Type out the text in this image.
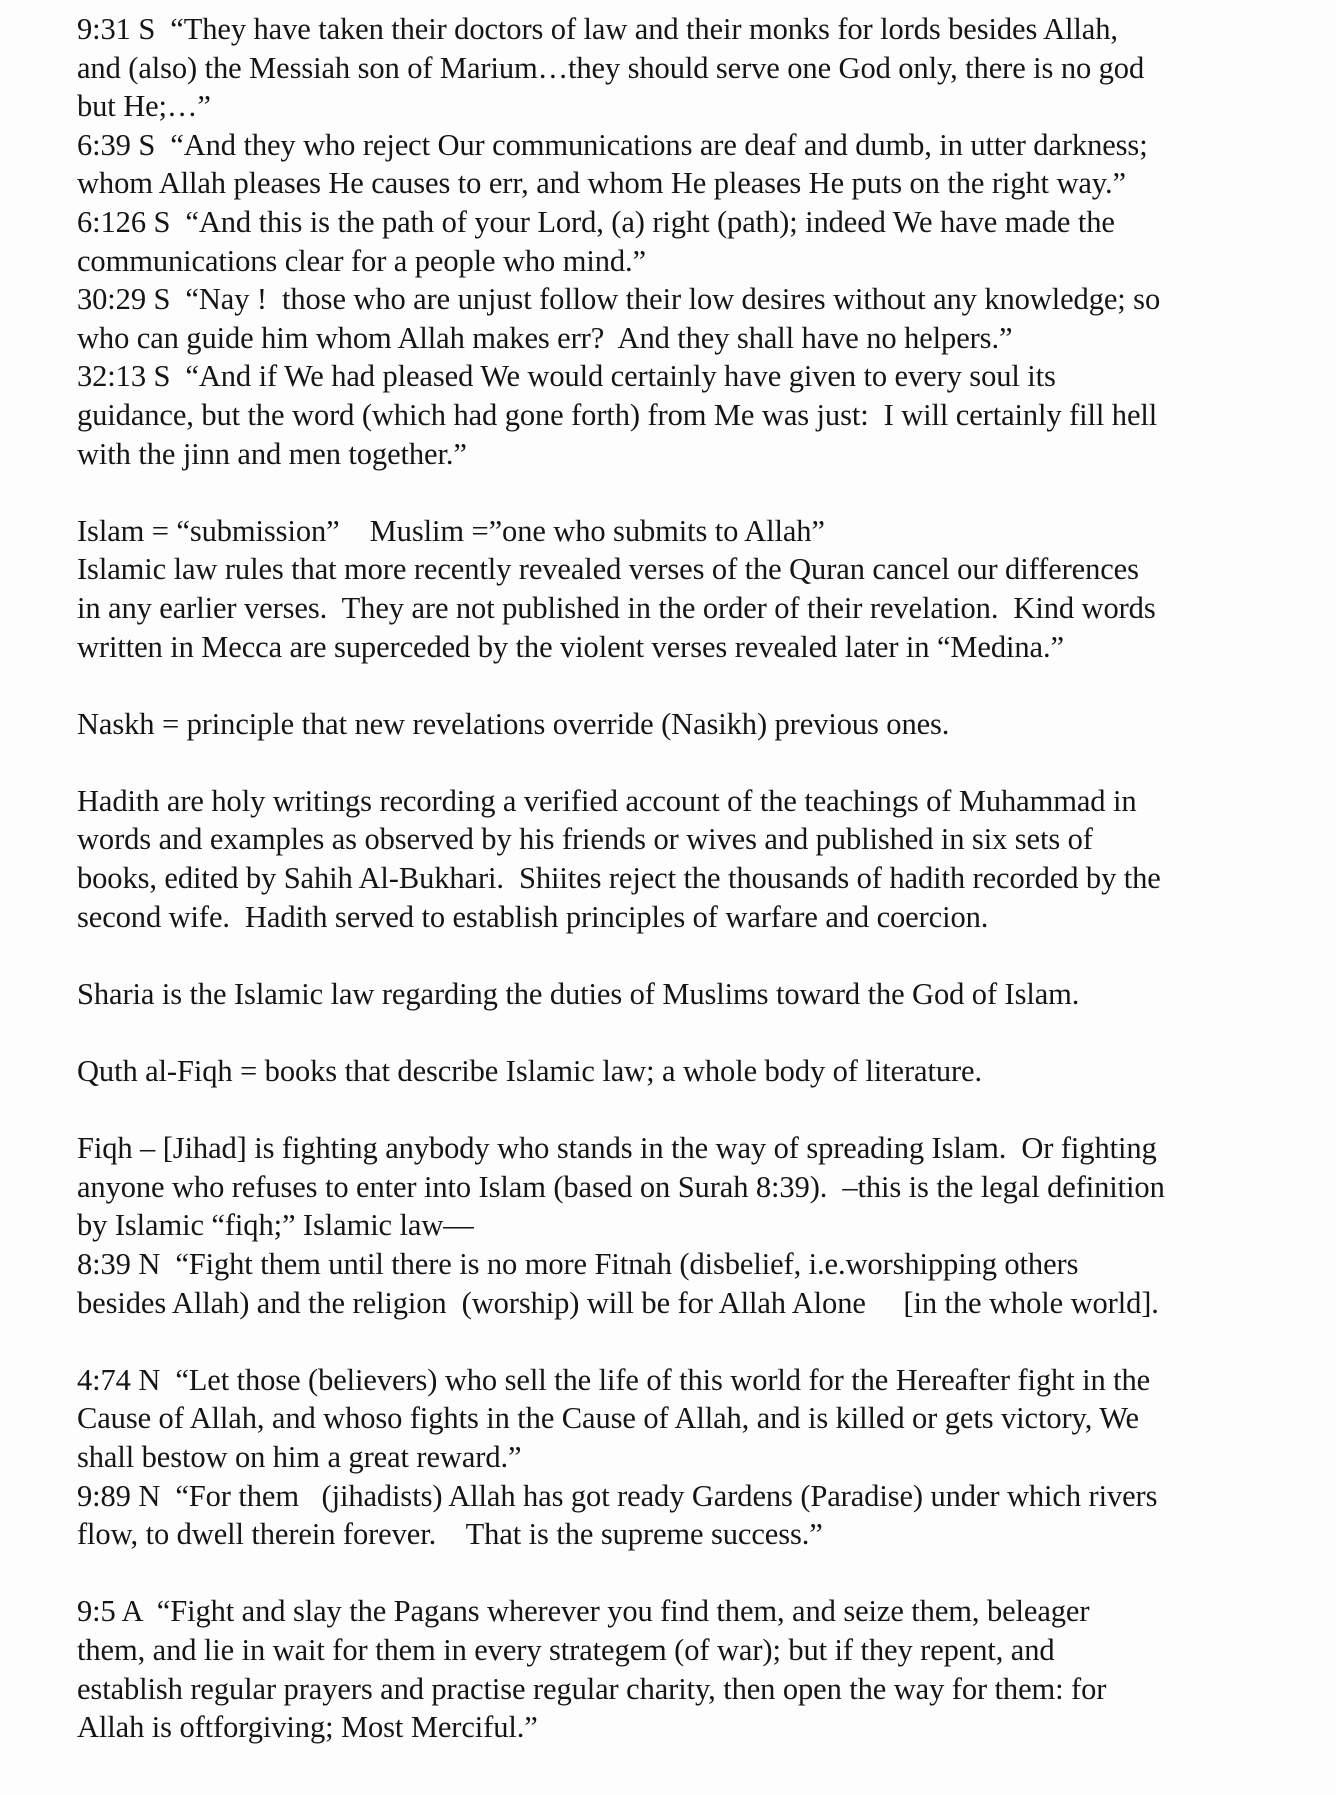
9:31 S  “They have taken their doctors of law and their monks for lords besides Allah,
and (also) the Messiah son of Marium…they should serve one God only, there is no god
but He;…”
6:39 S  “And they who reject Our communications are deaf and dumb, in utter darkness;
whom Allah pleases He causes to err, and whom He pleases He puts on the right way.”
6:126 S  “And this is the path of your Lord, (a) right (path); indeed We have made the
communications clear for a people who mind.”
30:29 S  “Nay !  those who are unjust follow their low desires without any knowledge; so
who can guide him whom Allah makes err?  And they shall have no helpers.”
32:13 S  “And if We had pleased We would certainly have given to every soul its
guidance, but the word (which had gone forth) from Me was just:  I will certainly fill hell
with the jinn and men together.”
Islam = “submission”    Muslim =”one who submits to Allah”
Islamic law rules that more recently revealed verses of the Quran cancel our differences
in any earlier verses.  They are not published in the order of their revelation.  Kind words
written in Mecca are superceded by the violent verses revealed later in “Medina.”
Naskh = principle that new revelations override (Nasikh) previous ones.
Hadith are holy writings recording a verified account of the teachings of Muhammad in
words and examples as observed by his friends or wives and published in six sets of
books, edited by Sahih Al-Bukhari.  Shiites reject the thousands of hadith recorded by the
second wife.  Hadith served to establish principles of warfare and coercion.
Sharia is the Islamic law regarding the duties of Muslims toward the God of Islam.
Quth al-Fiqh = books that describe Islamic law; a whole body of literature.
Fiqh – [Jihad] is fighting anybody who stands in the way of spreading Islam.  Or fighting
anyone who refuses to enter into Islam (based on Surah 8:39).  –this is the legal definition
by Islamic “fiqh;” Islamic law—
8:39 N  “Fight them until there is no more Fitnah (disbelief, i.e.worshipping others
besides Allah) and the religion  (worship) will be for Allah Alone     [in the whole world].
4:74 N  “Let those (believers) who sell the life of this world for the Hereafter fight in the
Cause of Allah, and whoso fights in the Cause of Allah, and is killed or gets victory, We
shall bestow on him a great reward.”
9:89 N  “For them   (jihadists) Allah has got ready Gardens (Paradise) under which rivers
flow, to dwell therein forever.    That is the supreme success.”
9:5 A  “Fight and slay the Pagans wherever you find them, and seize them, beleager
them, and lie in wait for them in every strategem (of war); but if they repent, and
establish regular prayers and practise regular charity, then open the way for them: for
Allah is oftforgiving; Most Merciful.”
